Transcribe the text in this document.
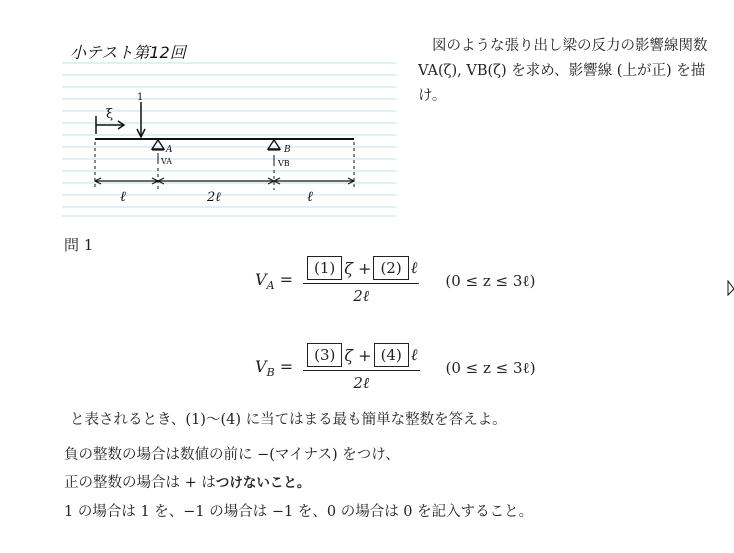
小テスト第12回
ξ
1
A
VA
B
VB
ℓ	2ℓ	ℓ

図のような張り出し梁の反力の影響線関数 VA(ζ), VB(ζ) を求め、影響線 (上が正) を描け。

問 1
$V_A = \frac{\text{(1) ζ + (2) ℓ}}{\text{2ℓ}} (0 \le z$ ≤ 3ℓ)
$V_B = \frac{\text{(3) ζ + (4) ℓ}}{\text{2ℓ}} (0 \le z$ ≤ 3ℓ)
と表されるとき、(1)〜(4) に当てはまる最も簡単な整数を答えよ。
負の整数の場合は数値の前に −(マイナス) をつけ、
正の整数の場合は + はつけないこと。
1 の場合は 1 を、−1 の場合は −1 を、0 の場合は 0 を記入すること。
